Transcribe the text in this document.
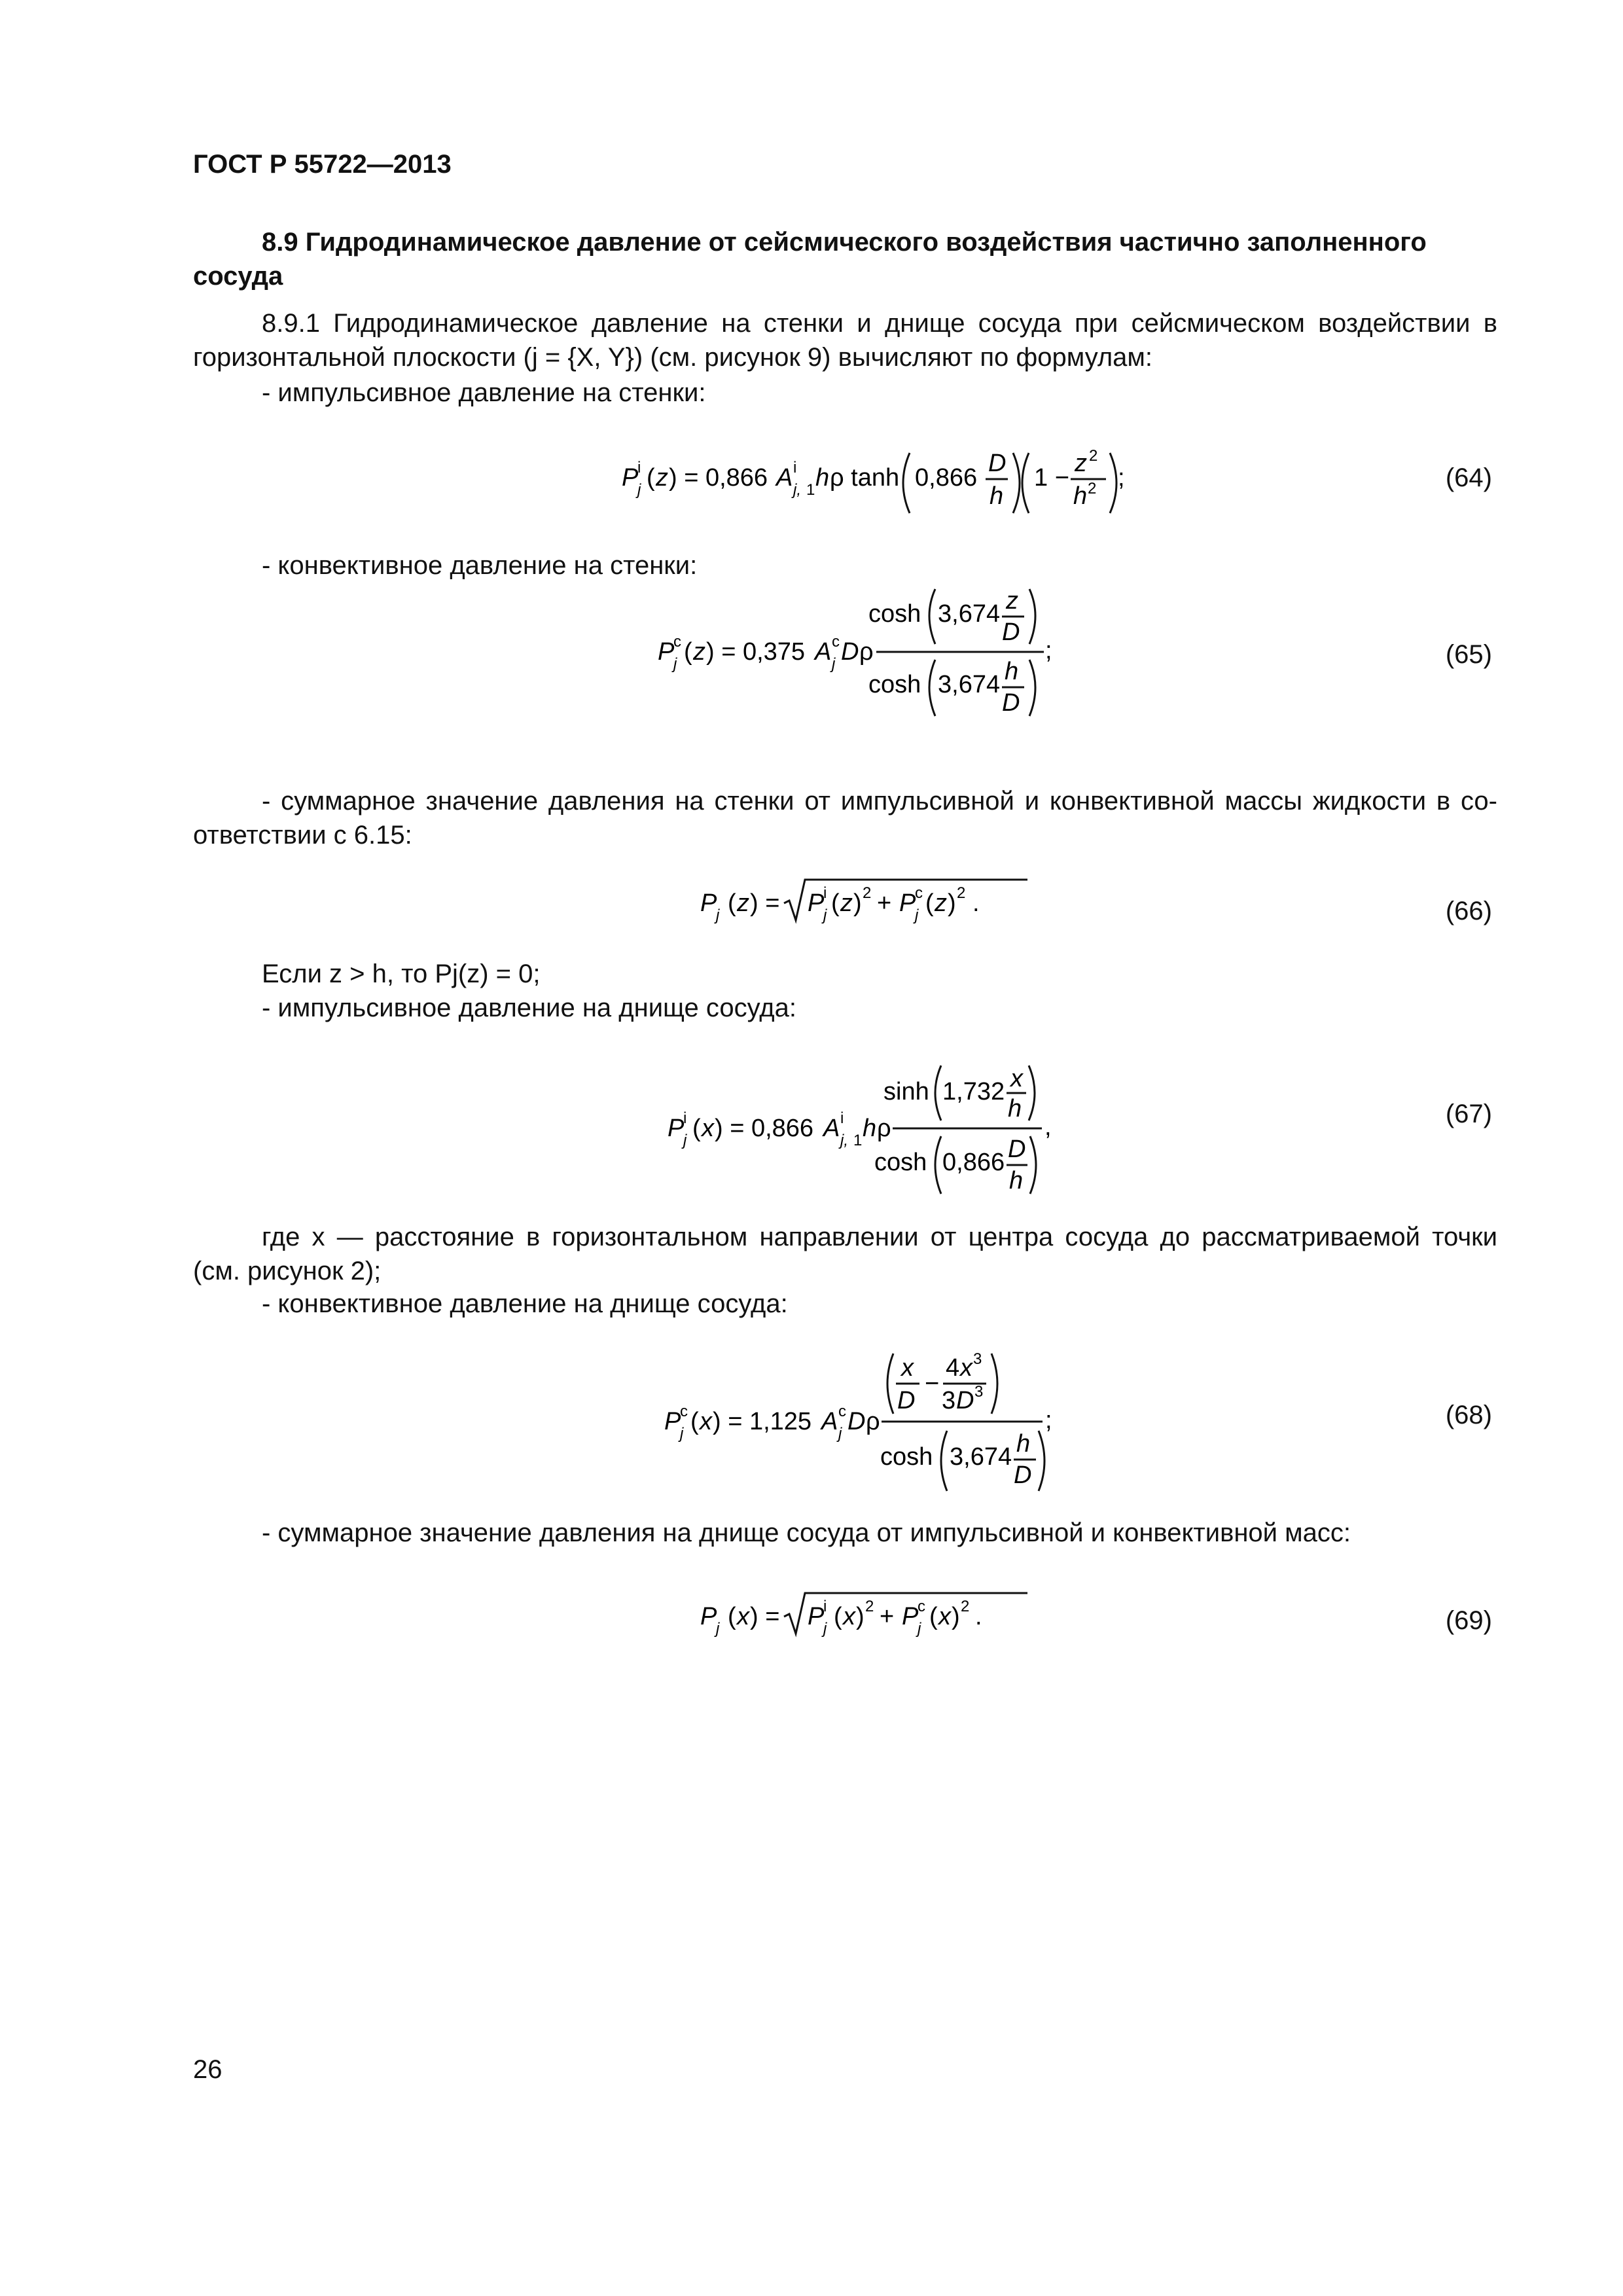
ГОСТ Р 55722—2013
8.9 Гидродинамическое давление от сейсмического воздействия частично заполненного
сосуда
8.9.1 Гидродинамическое давление на стенки и днище сосуда при сейсмическом воздействии в
горизонтальной плоскости (j = {X, Y}) (см. рисунок 9) вычисляют по формулам:
- импульсивное давление на стенки:
P
j
i ( z ) = 0,866 A i
j, 1 h ρ tanh 0,866
D
h
1 −
z 2
h 2 ;	(64)
- конвективное давление на стенки:
P
j
c ( z ) = 0,375 A c
j D ρ
cosh 3,674 z
D
cosh 3,674 h
D
;	(65)
- суммарное значение давления на стенки от импульсивной и конвективной массы жидкости в со-
ответствии с 6.15:
P
j ( z ) = P
j
i ( z ) 2 + P
j
c ( z ) 2 .	(66)
Если z > h, то Pj(z) = 0;
- импульсивное давление на днище сосуда:
P
j
i ( x ) = 0,866 A i
j, 1 h ρ
sinh 1,732 x
h
cosh 0,866 D
h
,	(67)
где x — расстояние в горизонтальном направлении от центра сосуда до рассматриваемой точки
(см. рисунок 2);
- конвективное давление на днище сосуда:
P
j
c ( x ) = 1,125 A c
j D ρ
x
D
−
4 x 3
3 D 3
cosh 3,674 h
D
;	(68)
- суммарное значение давления на днище сосуда от импульсивной и конвективной масс:
P
j ( x ) = P
j
i ( x ) 2 + P
j
c ( x ) 2 .	(69)
26
